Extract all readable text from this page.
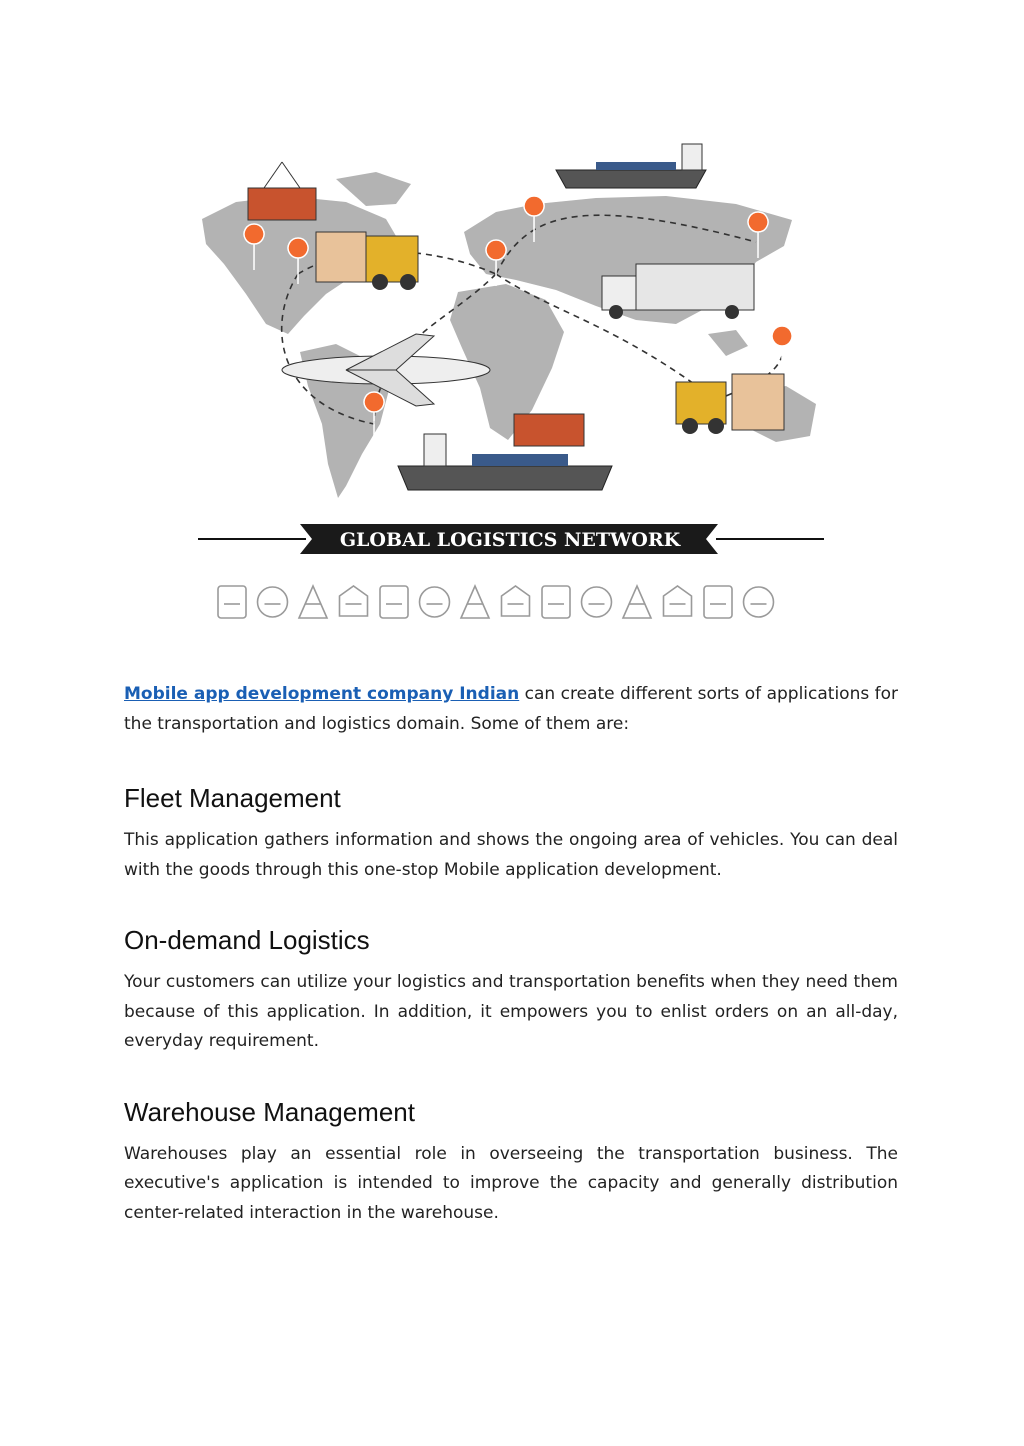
GLOBAL LOGISTICS NETWORK

Mobile app development company Indian can create different sorts of applications for the transportation and logistics domain. Some of them are:

Fleet Management

This application gathers information and shows the ongoing area of vehicles. You can deal with the goods through this one-stop Mobile application development.

On-demand Logistics

Your customers can utilize your logistics and transportation benefits when they need them because of this application. In addition, it empowers you to enlist orders on an all-day, everyday requirement.

Warehouse Management

Warehouses play an essential role in overseeing the transportation business. The executive's application is intended to improve the capacity and generally distribution center-related interaction in the warehouse.
